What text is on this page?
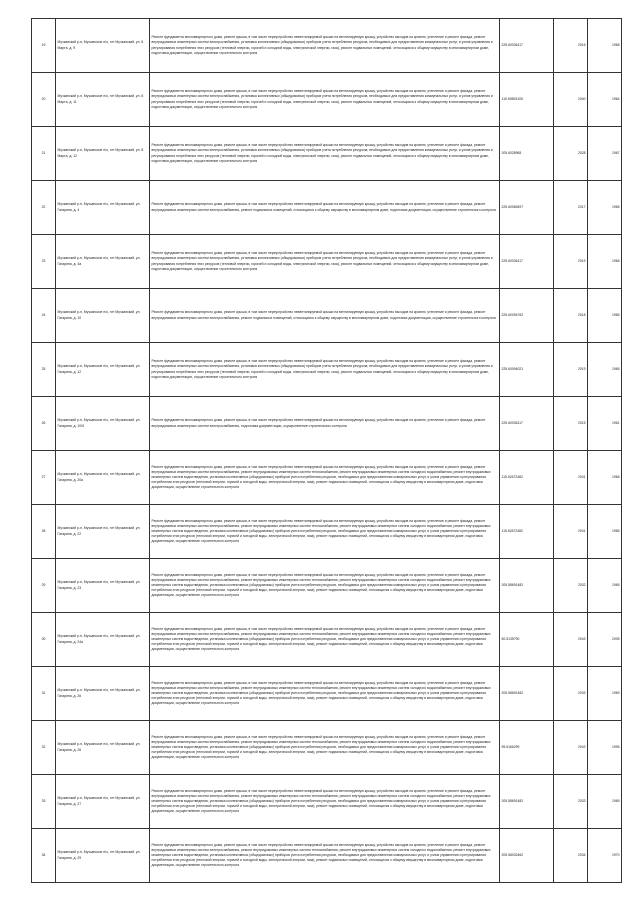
19	Мучкапский р-н, Мучкапское п/о, пгт Мучкапский, ул. 8 Марта, д. 9	Ремонт фундамента многоквартирного дома, ремонт крыши, в том числе переустройство невентилируемой крыши на вентилируемую крышу, устройство выходов на кровлю, утепление и ремонт фасада, ремонт внутридомовых инженерных систем электроснабжения, установка коллективных (общедомовых) приборов учета потребления ресурсов, необходимых для предоставления коммунальных услуг, и узлов управления и регулирования потребления этих ресурсов (тепловой энергии, горячей и холодной воды, электрической энергии, газа), ремонт подвальных помещений, относящихся к общему имуществу в многоквартирном доме, подготовка документации, осуществление строительного контроля	225.60036117	2016	1965
20	Мучкапский р-н, Мучкапское п/о, пгт Мучкапский, ул. 8 Марта, д. 11	Ремонт фундамента многоквартирного дома, ремонт крыши, в том числе переустройство невентилируемой крыши на вентилируемую крышу, устройство выходов на кровлю, утепление и ремонт фасада, ремонт внутридомовых инженерных систем электроснабжения, установка коллективных (общедомовых) приборов учета потребления ресурсов, необходимых для предоставления коммунальных услуг, и узлов управления и регулирования потребления этих ресурсов (тепловой энергии, горячей и холодной воды, электрической энергии, газа), ремонт подвальных помещений, относящихся к общему имуществу в многоквартирном доме, подготовка документации, осуществление строительного контроля	115.50693105	2040	1964
21	Мучкапский р-н, Мучкапское п/о, пгт Мучкапский, ул. 8 Марта, д. 12	Ремонт фундамента многоквартирного дома, ремонт крыши, в том числе переустройство невентилируемой крыши на вентилируемую крышу, устройство выходов на кровлю, утепление и ремонт фасада, ремонт внутридомовых инженерных систем электроснабжения, установка коллективных (общедомовых) приборов учета потребления ресурсов, необходимых для предоставления коммунальных услуг, и узлов управления и регулирования потребления этих ресурсов (тепловой энергии, горячей и холодной воды, электрической энергии, газа), ремонт подвальных помещений, относящихся к общему имуществу в многоквартирном доме, подготовка документации, осуществление строительного контроля	205.6028965	2028	1967
22	Мучкапский р-н, Мучкапское п/о, пгт Мучкапский, ул. Гагарина, д. 4	Ремонт фундамента многоквартирного дома, ремонт крыши, в том числе переустройство невентилируемой крыши на вентилируемую крышу, устройство выходов на кровлю, утепление и ремонт фасада, ремонт внутридомовых инженерных систем электроснабжения, ремонт подвальных помещений, относящихся к общему имуществу в многоквартирном доме, подготовка документации, осуществление строительного контроля	225.60065497	2017	1965
23	Мучкапский р-н, Мучкапское п/о, пгт Мучкапский, ул. Гагарина, д. 4а	Ремонт фундамента многоквартирного дома, ремонт крыши, в том числе переустройство невентилируемой крыши на вентилируемую крышу, устройство выходов на кровлю, утепление и ремонт фасада, ремонт внутридомовых инженерных систем электроснабжения, установка коллективных (общедомовых) приборов учета потребления ресурсов, необходимых для предоставления коммунальных услуг, и узлов управления и регулирования потребления этих ресурсов (тепловой энергии, горячей и холодной воды, электрической энергии, газа), ремонт подвальных помещений, относящихся к общему имуществу в многоквартирном доме, подготовка документации, осуществление строительного контроля	225.60036117	2019	1966
24	Мучкапский р-н, Мучкапское п/о, пгт Мучкапский, ул. Гагарина, д. 10	Ремонт фундамента многоквартирного дома, ремонт крыши, в том числе переустройство невентилируемой крыши на вентилируемую крышу, устройство выходов на кровлю, утепление и ремонт фасада, ремонт внутридомовых инженерных систем электроснабжения, ремонт подвальных помещений, относящихся к общему имуществу в многоквартирном доме, подготовка документации, осуществление строительного контроля	225.60094762	2018	1965
25	Мучкапский р-н, Мучкапское п/о, пгт Мучкапский, ул. Гагарина, д. 12	Ремонт фундамента многоквартирного дома, ремонт крыши, в том числе переустройство невентилируемой крыши на вентилируемую крышу, устройство выходов на кровлю, утепление и ремонт фасада, ремонт внутридомовых инженерных систем электроснабжения, установка коллективных (общедомовых) приборов учета потребления ресурсов, необходимых для предоставления коммунальных услуг, и узлов управления и регулирования потребления этих ресурсов (тепловой энергии, горячей и холодной воды, электрической энергии, газа), ремонт подвальных помещений, относящихся к общему имуществу в многоквартирном доме, подготовка документации, осуществление строительного контроля	225.60094021	2019	1965
26	Мучкапский р-н, Мучкапское п/о, пгт Мучкапский, ул. Гагарина, д. 10/5	Ремонт фундамента многоквартирного дома, ремонт крыши, в том числе переустройство невентилируемой крыши на вентилируемую крышу, устройство выходов на кровлю, утепление и ремонт фасада, ремонт внутридомовых инженерных систем электроснабжения, подготовка документации, осуществление строительного контроля	225.60036117	2015	1961
27	Мучкапский р-н, Мучкапское п/о, пгт Мучкапский, ул. Гагарина, д. 20а	Ремонт фундамента многоквартирного дома, ремонт крыши, в том числе переустройство невентилируемой крыши на вентилируемую крышу, устройство выходов на кровлю, утепление и ремонт фасада, ремонт внутридомовых инженерных систем электроснабжения, ремонт внутридомовых инженерных систем теплоснабжения, ремонт внутридомовых инженерных систем холодного водоснабжения, ремонт внутридомовых инженерных систем водоотведения, установка коллективных (общедомовых) приборов учета потребления ресурсов, необходимых для предоставления коммунальных услуг, и узлов управления и регулирования потребления этих ресурсов (тепловой энергии, горячей и холодной воды, электрической энергии, газа), ремонт подвальных помещений, относящихся к общему имуществу в многоквартирном доме, подготовка документации, осуществление строительного контроля	115.52672482	2041	1966
28	Мучкапский р-н, Мучкапское п/о, пгт Мучкапский, ул. Гагарина, д. 22	Ремонт фундамента многоквартирного дома, ремонт крыши, в том числе переустройство невентилируемой крыши на вентилируемую крышу, устройство выходов на кровлю, утепление и ремонт фасада, ремонт внутридомовых инженерных систем электроснабжения, ремонт внутридомовых инженерных систем теплоснабжения, ремонт внутридомовых инженерных систем холодного водоснабжения, ремонт внутридомовых инженерных систем водоотведения, установка коллективных (общедомовых) приборов учета потребления ресурсов, необходимых для предоставления коммунальных услуг, и узлов управления и регулирования потребления этих ресурсов (тепловой энергии, горячей и холодной воды, электрической энергии, газа), ремонт подвальных помещений, относящихся к общему имуществу в многоквартирном доме, подготовка документации, осуществление строительного контроля	115.52672482	2041	1965
29	Мучкапский р-н, Мучкапское п/о, пгт Мучкапский, ул. Гагарина, д. 23	Ремонт фундамента многоквартирного дома, ремонт крыши, в том числе переустройство невентилируемой крыши на вентилируемую крышу, устройство выходов на кровлю, утепление и ремонт фасада, ремонт внутридомовых инженерных систем электроснабжения, ремонт внутридомовых инженерных систем теплоснабжения, ремонт внутридомовых инженерных систем холодного водоснабжения, ремонт внутридомовых инженерных систем водоотведения, установка коллективных (общедомовых) приборов учета потребления ресурсов, необходимых для предоставления коммунальных услуг, и узлов управления и регулирования потребления этих ресурсов (тепловой энергии, горячей и холодной воды, электрической энергии, газа), ремонт подвальных помещений, относящихся к общему имуществу в многоквартирном доме, подготовка документации, осуществление строительного контроля	205.58691482	2032	1965
30	Мучкапский р-н, Мучкапское п/о, пгт Мучкапский, ул. Гагарина, д. 24а	Ремонт фундамента многоквартирного дома, ремонт крыши, в том числе переустройство невентилируемой крыши на вентилируемую крышу, устройство выходов на кровлю, утепление и ремонт фасада, ремонт внутридомовых инженерных систем электроснабжения, ремонт внутридомовых инженерных систем теплоснабжения, ремонт внутридомовых инженерных систем холодного водоснабжения, ремонт внутридомовых инженерных систем водоотведения, установка коллективных (общедомовых) приборов учета потребления ресурсов, необходимых для предоставления коммунальных услуг, и узлов управления и регулирования потребления этих ресурсов (тепловой энергии, горячей и холодной воды, электрической энергии, газа), ремонт подвальных помещений, относящихся к общему имуществу в многоквартирном доме, подготовка документации, осуществление строительного контроля	50.5135790	2043	2005
31	Мучкапский р-н, Мучкапское п/о, пгт Мучкапский, ул. Гагарина, д. 26	Ремонт фундамента многоквартирного дома, ремонт крыши, в том числе переустройство невентилируемой крыши на вентилируемую крышу, устройство выходов на кровлю, утепление и ремонт фасада, ремонт внутридомовых инженерных систем электроснабжения, ремонт внутридомовых инженерных систем теплоснабжения, ремонт внутридомовых инженерных систем холодного водоснабжения, ремонт внутридомовых инженерных систем водоотведения, установка коллективных (общедомовых) приборов учета потребления ресурсов, необходимых для предоставления коммунальных услуг, и узлов управления и регулирования потребления этих ресурсов (тепловой энергии, горячей и холодной воды, электрической энергии, газа), ремонт подвальных помещений, относящихся к общему имуществу в многоквартирном доме, подготовка документации, осуществление строительного контроля	205.58691482	2033	1969
32	Мучкапский р-н, Мучкапское п/о, пгт Мучкапский, ул. Гагарина, д. 26	Ремонт фундамента многоквартирного дома, ремонт крыши, в том числе переустройство невентилируемой крыши на вентилируемую крышу, устройство выходов на кровлю, утепление и ремонт фасада, ремонт внутридомовых инженерных систем электроснабжения, ремонт внутридомовых инженерных систем теплоснабжения, ремонт внутридомовых инженерных систем холодного водоснабжения, ремонт внутридомовых инженерных систем водоотведения, установка коллективных (общедомовых) приборов учета потребления ресурсов, необходимых для предоставления коммунальных услуг, и узлов управления и регулирования потребления этих ресурсов (тепловой энергии, горячей и холодной воды, электрической энергии, газа), ремонт подвальных помещений, относящихся к общему имуществу в многоквартирном доме, подготовка документации, осуществление строительного контроля	95.5166299	2042	1995
33	Мучкапский р-н, Мучкапское п/о, пгт Мучкапский, ул. Гагарина, д. 27	Ремонт фундамента многоквартирного дома, ремонт крыши, в том числе переустройство невентилируемой крыши на вентилируемую крышу, устройство выходов на кровлю, утепление и ремонт фасада, ремонт внутридомовых инженерных систем электроснабжения, ремонт внутридомовых инженерных систем теплоснабжения, ремонт внутридомовых инженерных систем холодного водоснабжения, ремонт внутридомовых инженерных систем водоотведения, установка коллективных (общедомовых) приборов учета потребления ресурсов, необходимых для предоставления коммунальных услуг, и узлов управления и регулирования потребления этих ресурсов (тепловой энергии, горячей и холодной воды, электрической энергии, газа), ремонт подвальных помещений, относящихся к общему имуществу в многоквартирном доме, подготовка документации, осуществление строительного контроля	205.58691482	2033	1969
34	Мучкапский р-н, Мучкапское п/о, пгт Мучкапский, ул. Гагарина, д. 29	Ремонт фундамента многоквартирного дома, ремонт крыши, в том числе переустройство невентилируемой крыши на вентилируемую крышу, устройство выходов на кровлю, утепление и ремонт фасада, ремонт внутридомовых инженерных систем электроснабжения, ремонт внутридомовых инженерных систем теплоснабжения, ремонт внутридомовых инженерных систем холодного водоснабжения, ремонт внутридомовых инженерных систем водоотведения, установка коллективных (общедомовых) приборов учета потребления ресурсов, необходимых для предоставления коммунальных услуг, и узлов управления и регулирования потребления этих ресурсов (тепловой энергии, горячей и холодной воды, электрической энергии, газа), ремонт подвальных помещений, относящихся к общему имуществу в многоквартирном доме, подготовка документации, осуществление строительного контроля	205.58032462	2034	1970
